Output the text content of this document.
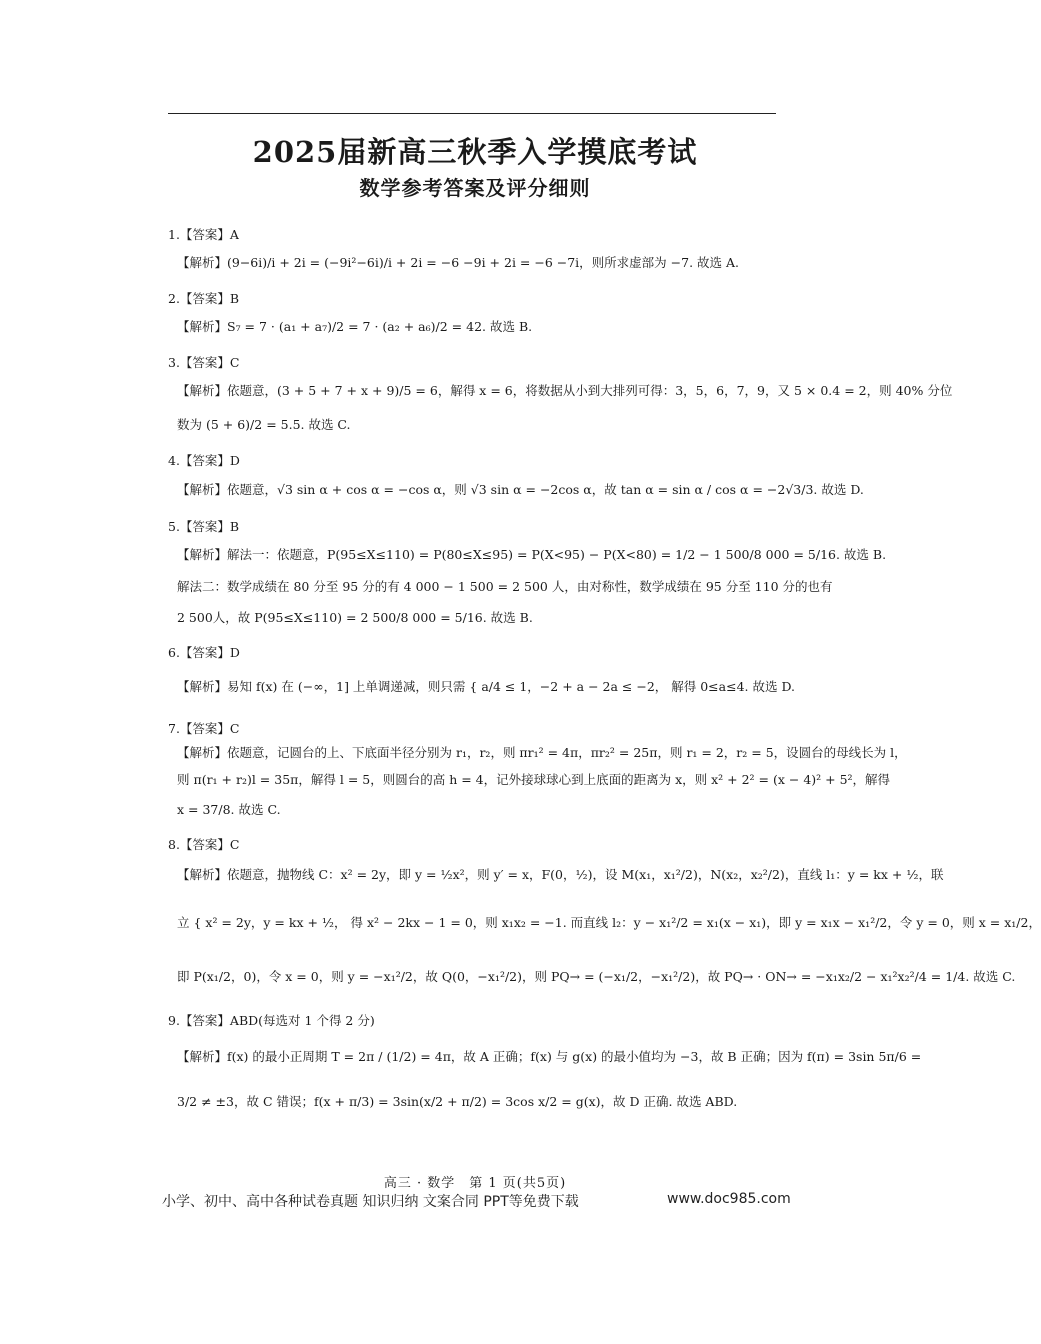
2025届新高三秋季入学摸底考试
数学参考答案及评分细则
1.【答案】A
【解析】(9−6i)/i + 2i = (−9i²−6i)/i + 2i = −6 −9i + 2i = −6 −7i，则所求虚部为 −7. 故选 A.
2.【答案】B
【解析】S₇ = 7 · (a₁ + a₇)/2 = 7 · (a₂ + a₆)/2 = 42. 故选 B.
3.【答案】C
【解析】依题意，(3 + 5 + 7 + x + 9)/5 = 6，解得 x = 6，将数据从小到大排列可得：3，5，6，7，9，又 5 × 0.4 = 2，则 40% 分位
数为 (5 + 6)/2 = 5.5. 故选 C.
4.【答案】D
【解析】依题意，√3 sin α + cos α = −cos α，则 √3 sin α = −2cos α，故 tan α = sin α / cos α = −2√3/3. 故选 D.
5.【答案】B
【解析】解法一：依题意，P(95≤X≤110) = P(80≤X≤95) = P(X<95) − P(X<80) = 1/2 − 1 500/8 000 = 5/16. 故选 B.
解法二：数学成绩在 80 分至 95 分的有 4 000 − 1 500 = 2 500 人，由对称性，数学成绩在 95 分至 110 分的也有
2 500人，故 P(95≤X≤110) = 2 500/8 000 = 5/16. 故选 B.
6.【答案】D
【解析】易知 f(x) 在 (−∞，1] 上单调递减，则只需 { a/4 ≤ 1，−2 + a − 2a ≤ −2， 解得 0≤a≤4. 故选 D.
7.【答案】C
【解析】依题意，记圆台的上、下底面半径分别为 r₁，r₂，则 πr₁² = 4π，πr₂² = 25π，则 r₁ = 2，r₂ = 5，设圆台的母线长为 l，
则 π(r₁ + r₂)l = 35π，解得 l = 5，则圆台的高 h = 4，记外接球球心到上底面的距离为 x，则 x² + 2² = (x − 4)² + 5²，解得
x = 37/8. 故选 C.
8.【答案】C
【解析】依题意，抛物线 C：x² = 2y，即 y = ½x²，则 y′ = x，F(0，½)，设 M(x₁，x₁²/2)，N(x₂，x₂²/2)，直线 l₁：y = kx + ½，联
立 { x² = 2y，y = kx + ½， 得 x² − 2kx − 1 = 0，则 x₁x₂ = −1. 而直线 l₂：y − x₁²/2 = x₁(x − x₁)，即 y = x₁x − x₁²/2，令 y = 0，则 x = x₁/2，
即 P(x₁/2，0)，令 x = 0，则 y = −x₁²/2，故 Q(0，−x₁²/2)，则 PQ→ = (−x₁/2，−x₁²/2)，故 PQ→ · ON→ = −x₁x₂/2 − x₁²x₂²/4 = 1/4. 故选 C.
9.【答案】ABD(每选对 1 个得 2 分)
【解析】f(x) 的最小正周期 T = 2π / (1/2) = 4π，故 A 正确；f(x) 与 g(x) 的最小值均为 −3，故 B 正确；因为 f(π) = 3sin 5π/6 =
3/2 ≠ ±3，故 C 错误；f(x + π/3) = 3sin(x/2 + π/2) = 3cos x/2 = g(x)，故 D 正确. 故选 ABD.
高三 · 数学　第 1 页(共5页)
小学、初中、高中各种试卷真题 知识归纳 文案合同 PPT等免费下载	www.doc985.com
